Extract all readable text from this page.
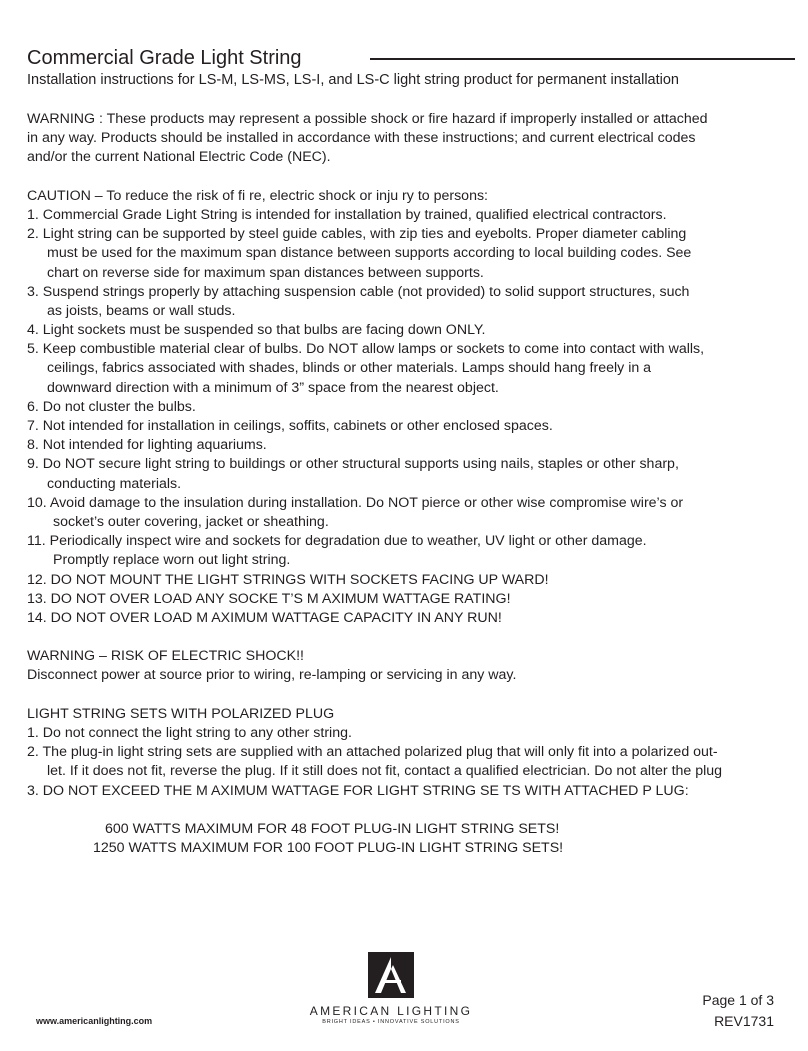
Commercial Grade Light String
Installation instructions for LS-M, LS-MS, LS-I, and LS-C light string product for permanent installation
WARNING : These products may represent a possible shock or fire hazard if improperly installed or attached
in any way. Products should be installed in accordance with these instructions; and current electrical codes
and/or the current National Electric Code (NEC).
CAUTION – To reduce the risk of fi re, electric shock or inju ry to persons:
1. Commercial Grade Light String is intended for installation by trained, qualified electrical contractors.
2. Light string can be supported by steel guide cables, with zip ties and eyebolts. Proper diameter cabling
must be used for the maximum span distance between supports according to local building codes. See
chart on reverse side for maximum span distances between supports.
3. Suspend strings properly by attaching suspension cable (not provided) to solid support structures, such
as joists, beams or wall studs.
4. Light sockets must be suspended so that bulbs are facing down ONLY.
5. Keep combustible material clear of bulbs. Do NOT allow lamps or sockets to come into contact with walls,
ceilings, fabrics associated with shades, blinds or other materials. Lamps should hang freely in a
downward direction with a minimum of 3” space from the nearest object.
6. Do not cluster the bulbs.
7. Not intended for installation in ceilings, soffits, cabinets or other enclosed spaces.
8. Not intended for lighting aquariums.
9. Do NOT secure light string to buildings or other structural supports using nails, staples or other sharp,
conducting materials.
10. Avoid damage to the insulation during installation. Do NOT pierce or other wise compromise wire’s or
socket’s outer covering, jacket or sheathing.
11. Periodically inspect wire and sockets for degradation due to weather, UV light or other damage.
Promptly replace worn out light string.
12. DO NOT MOUNT THE LIGHT STRINGS WITH SOCKETS FACING UP WARD!
13. DO NOT OVER LOAD ANY SOCKE T’S M AXIMUM WATTAGE RATING!
14. DO NOT OVER LOAD M AXIMUM WATTAGE CAPACITY IN ANY RUN!
WARNING – RISK OF ELECTRIC SHOCK!!
Disconnect power at source prior to wiring, re-lamping or servicing in any way.
LIGHT STRING SETS WITH POLARIZED PLUG
1. Do not connect the light string to any other string.
2. The plug-in light string sets are supplied with an attached polarized plug that will only fit into a polarized out-
let. If it does not fit, reverse the plug. If it still does not fit, contact a qualified electrician. Do not alter the plug
3. DO NOT EXCEED THE M AXIMUM WATTAGE FOR LIGHT STRING SE TS WITH ATTACHED P LUG:
600 WATTS MAXIMUM FOR 48 FOOT PLUG-IN LIGHT STRING SETS!
1250 WATTS MAXIMUM FOR 100 FOOT PLUG-IN LIGHT STRING SETS!
www.americanlighting.com
AMERICAN LIGHTING
BRIGHT IDEAS • INNOVATIVE SOLUTIONS
Page 1 of 3
REV1731
